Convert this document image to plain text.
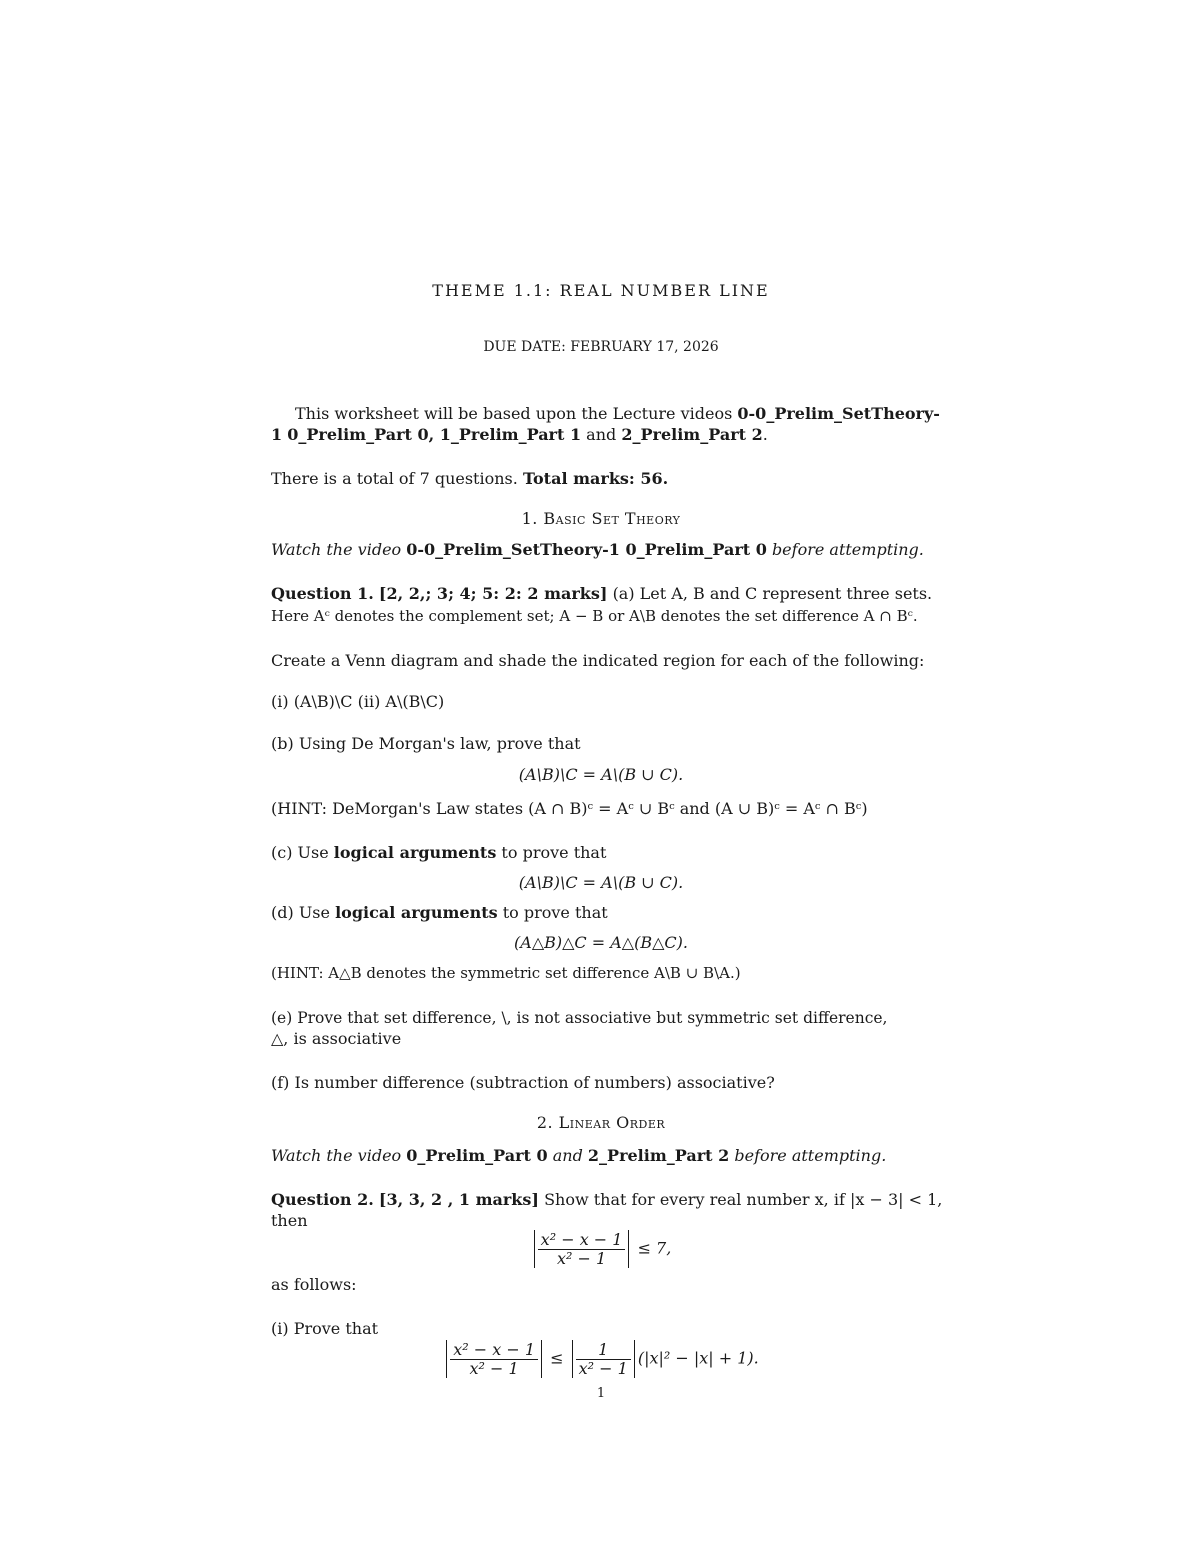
THEME 1.1: REAL NUMBER LINE
DUE DATE: FEBRUARY 17, 2026
This worksheet will be based upon the Lecture videos 0-0_Prelim_SetTheory-
1 0_Prelim_Part 0, 1_Prelim_Part 1 and 2_Prelim_Part 2.
There is a total of 7 questions. Total marks: 56.
1. Basic Set Theory
Watch the video 0-0_Prelim_SetTheory-1 0_Prelim_Part 0 before attempting.
Question 1. [2, 2,; 3; 4; 5: 2: 2 marks] (a) Let A, B and C represent three sets.
Here Aᶜ denotes the complement set; A − B or A\B denotes the set difference A ∩ Bᶜ.
Create a Venn diagram and shade the indicated region for each of the following:
(i) (A\B)\C (ii) A\(B\C)
(b) Using De Morgan's law, prove that
(A\B)\C = A\(B ∪ C).
(HINT: DeMorgan's Law states (A ∩ B)ᶜ = Aᶜ ∪ Bᶜ and (A ∪ B)ᶜ = Aᶜ ∩ Bᶜ)
(c) Use logical arguments to prove that
(A\B)\C = A\(B ∪ C).
(d) Use logical arguments to prove that
(A△B)△C = A△(B△C).
(HINT: A△B denotes the symmetric set difference A\B ∪ B\A.)
(e) Prove that set difference, \, is not associative but symmetric set difference,
△, is associative
(f) Is number difference (subtraction of numbers) associative?
2. Linear Order
Watch the video 0_Prelim_Part 0 and 2_Prelim_Part 2 before attempting.
Question 2. [3, 3, 2 , 1 marks] Show that for every real number x, if |x − 3| < 1,
then
$\frac{\text{x² − x − 1}}{\text{x² − 1}} \le 7$,
as follows:
(i) Prove that
$\frac{\text{x² − x − 1}}{\text{x² − 1}} \le \frac{1}{\text{x² − 1}} (|x|^2 - |x| + 1)$.
1
